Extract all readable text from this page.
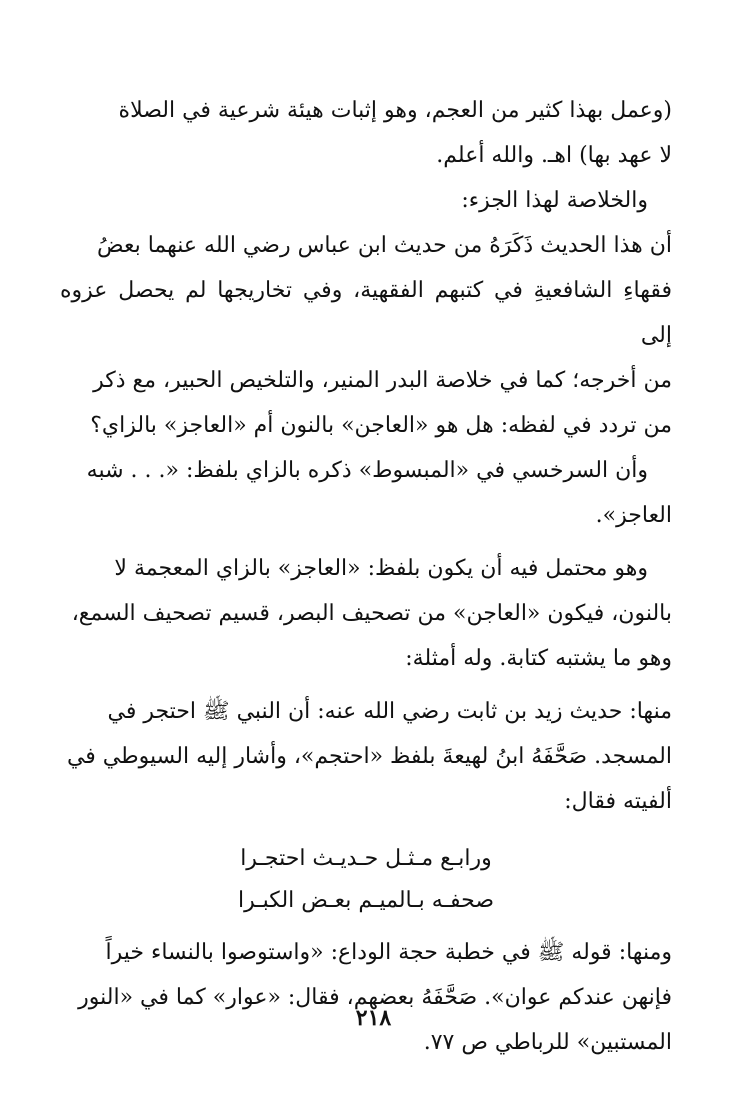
(وعمل بهذا كثير من العجم، وهو إثبات هيئة شرعية في الصلاة
لا عهد بها) اهـ. والله أعلم.

والخلاصة لهذا الجزء:

أن هذا الحديث ذَكَرَهُ من حديث ابن عباس رضي الله عنهما بعضُ
فقهاءِ الشافعيةِ في كتبهم الفقهية، وفي تخاريجها لم يحصل عزوه إلى
من أخرجه؛ كما في خلاصة البدر المنير، والتلخيص الحبير، مع ذكر
من تردد في لفظه: هل هو «العاجن» بالنون أم «العاجز» بالزاي؟

وأن السرخسي في «المبسوط» ذكره بالزاي بلفظ: «. . . شبه
العاجز».

وهو محتمل فيه أن يكون بلفظ: «العاجز» بالزاي المعجمة لا
بالنون، فيكون «العاجن» من تصحيف البصر، قسيم تصحيف السمع،
وهو ما يشتبه كتابة. وله أمثلة:

منها: حديث زيد بن ثابت رضي الله عنه: أن النبي ﷺ احتجر في
المسجد. صَحَّفَهُ ابنُ لهيعةَ بلفظ «احتجم»، وأشار إليه السيوطي في
ألفيته فقال:

ورابـع مـثـل حـديـث احتجـرا
صحفـه بـالميـم بعـض الكبـرا

ومنها: قوله ﷺ في خطبة حجة الوداع: «واستوصوا بالنساء خيراً
فإنهن عندكم عوان». صَحَّفَهُ بعضهم، فقال: «عوار» كما في «النور
المستبين» للرباطي ص ٧٧.

٢١٨
